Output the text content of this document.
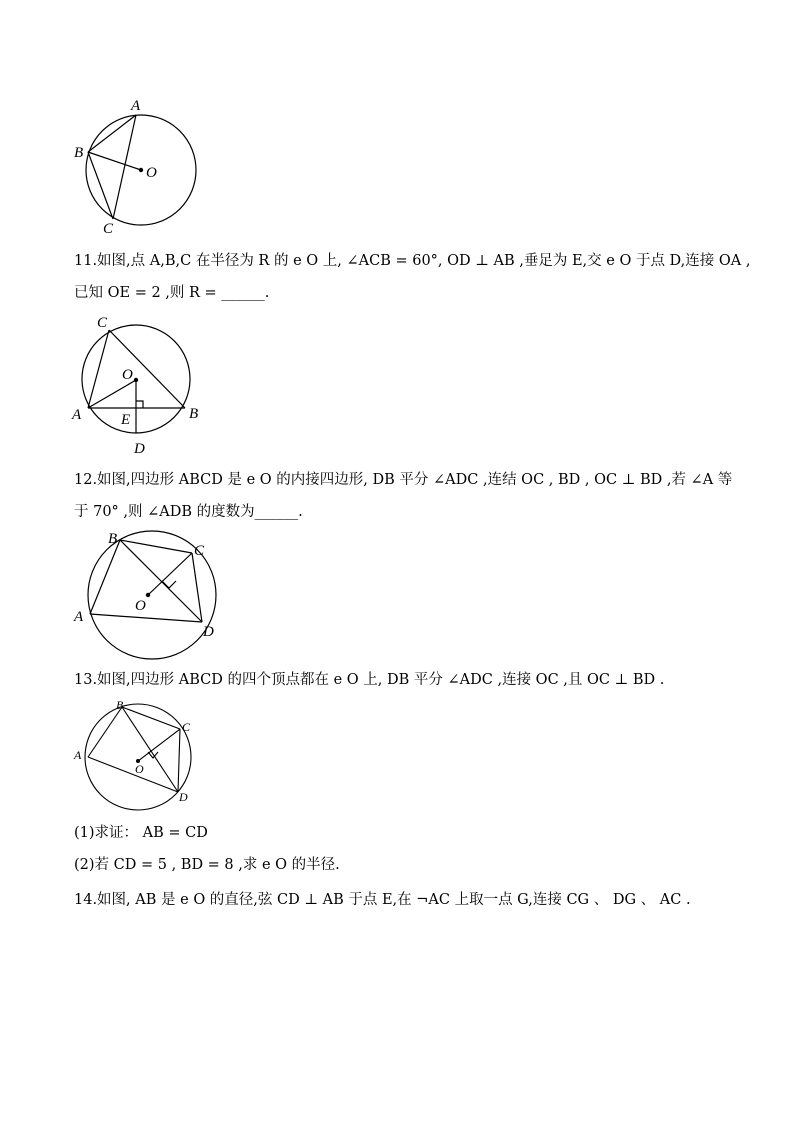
A
B
C
O
C
O
A	E	B
D
B
C
O
A
D
B
C
A
O
D
11.如图,点 A,B,C 在半径为 R 的 e O 上, ∠ACB = 60°, OD ⊥ AB ,垂足为 E,交 e O 于点 D,连接 OA ,
已知 OE = 2 ,则 R = ______.
12.如图,四边形 ABCD 是 e O 的内接四边形, DB 平分 ∠ADC ,连结 OC , BD , OC ⊥ BD ,若 ∠A 等
于 70° ,则 ∠ADB 的度数为______.
13.如图,四边形 ABCD 的四个顶点都在 e O 上, DB 平分 ∠ADC ,连接 OC ,且 OC ⊥ BD .
(1)求证： AB = CD
(2)若 CD = 5 , BD = 8 ,求 e O 的半径.
14.如图, AB 是 e O 的直径,弦 CD ⊥ AB 于点 E,在 ¬AC 上取一点 G,连接 CG 、 DG 、 AC .
